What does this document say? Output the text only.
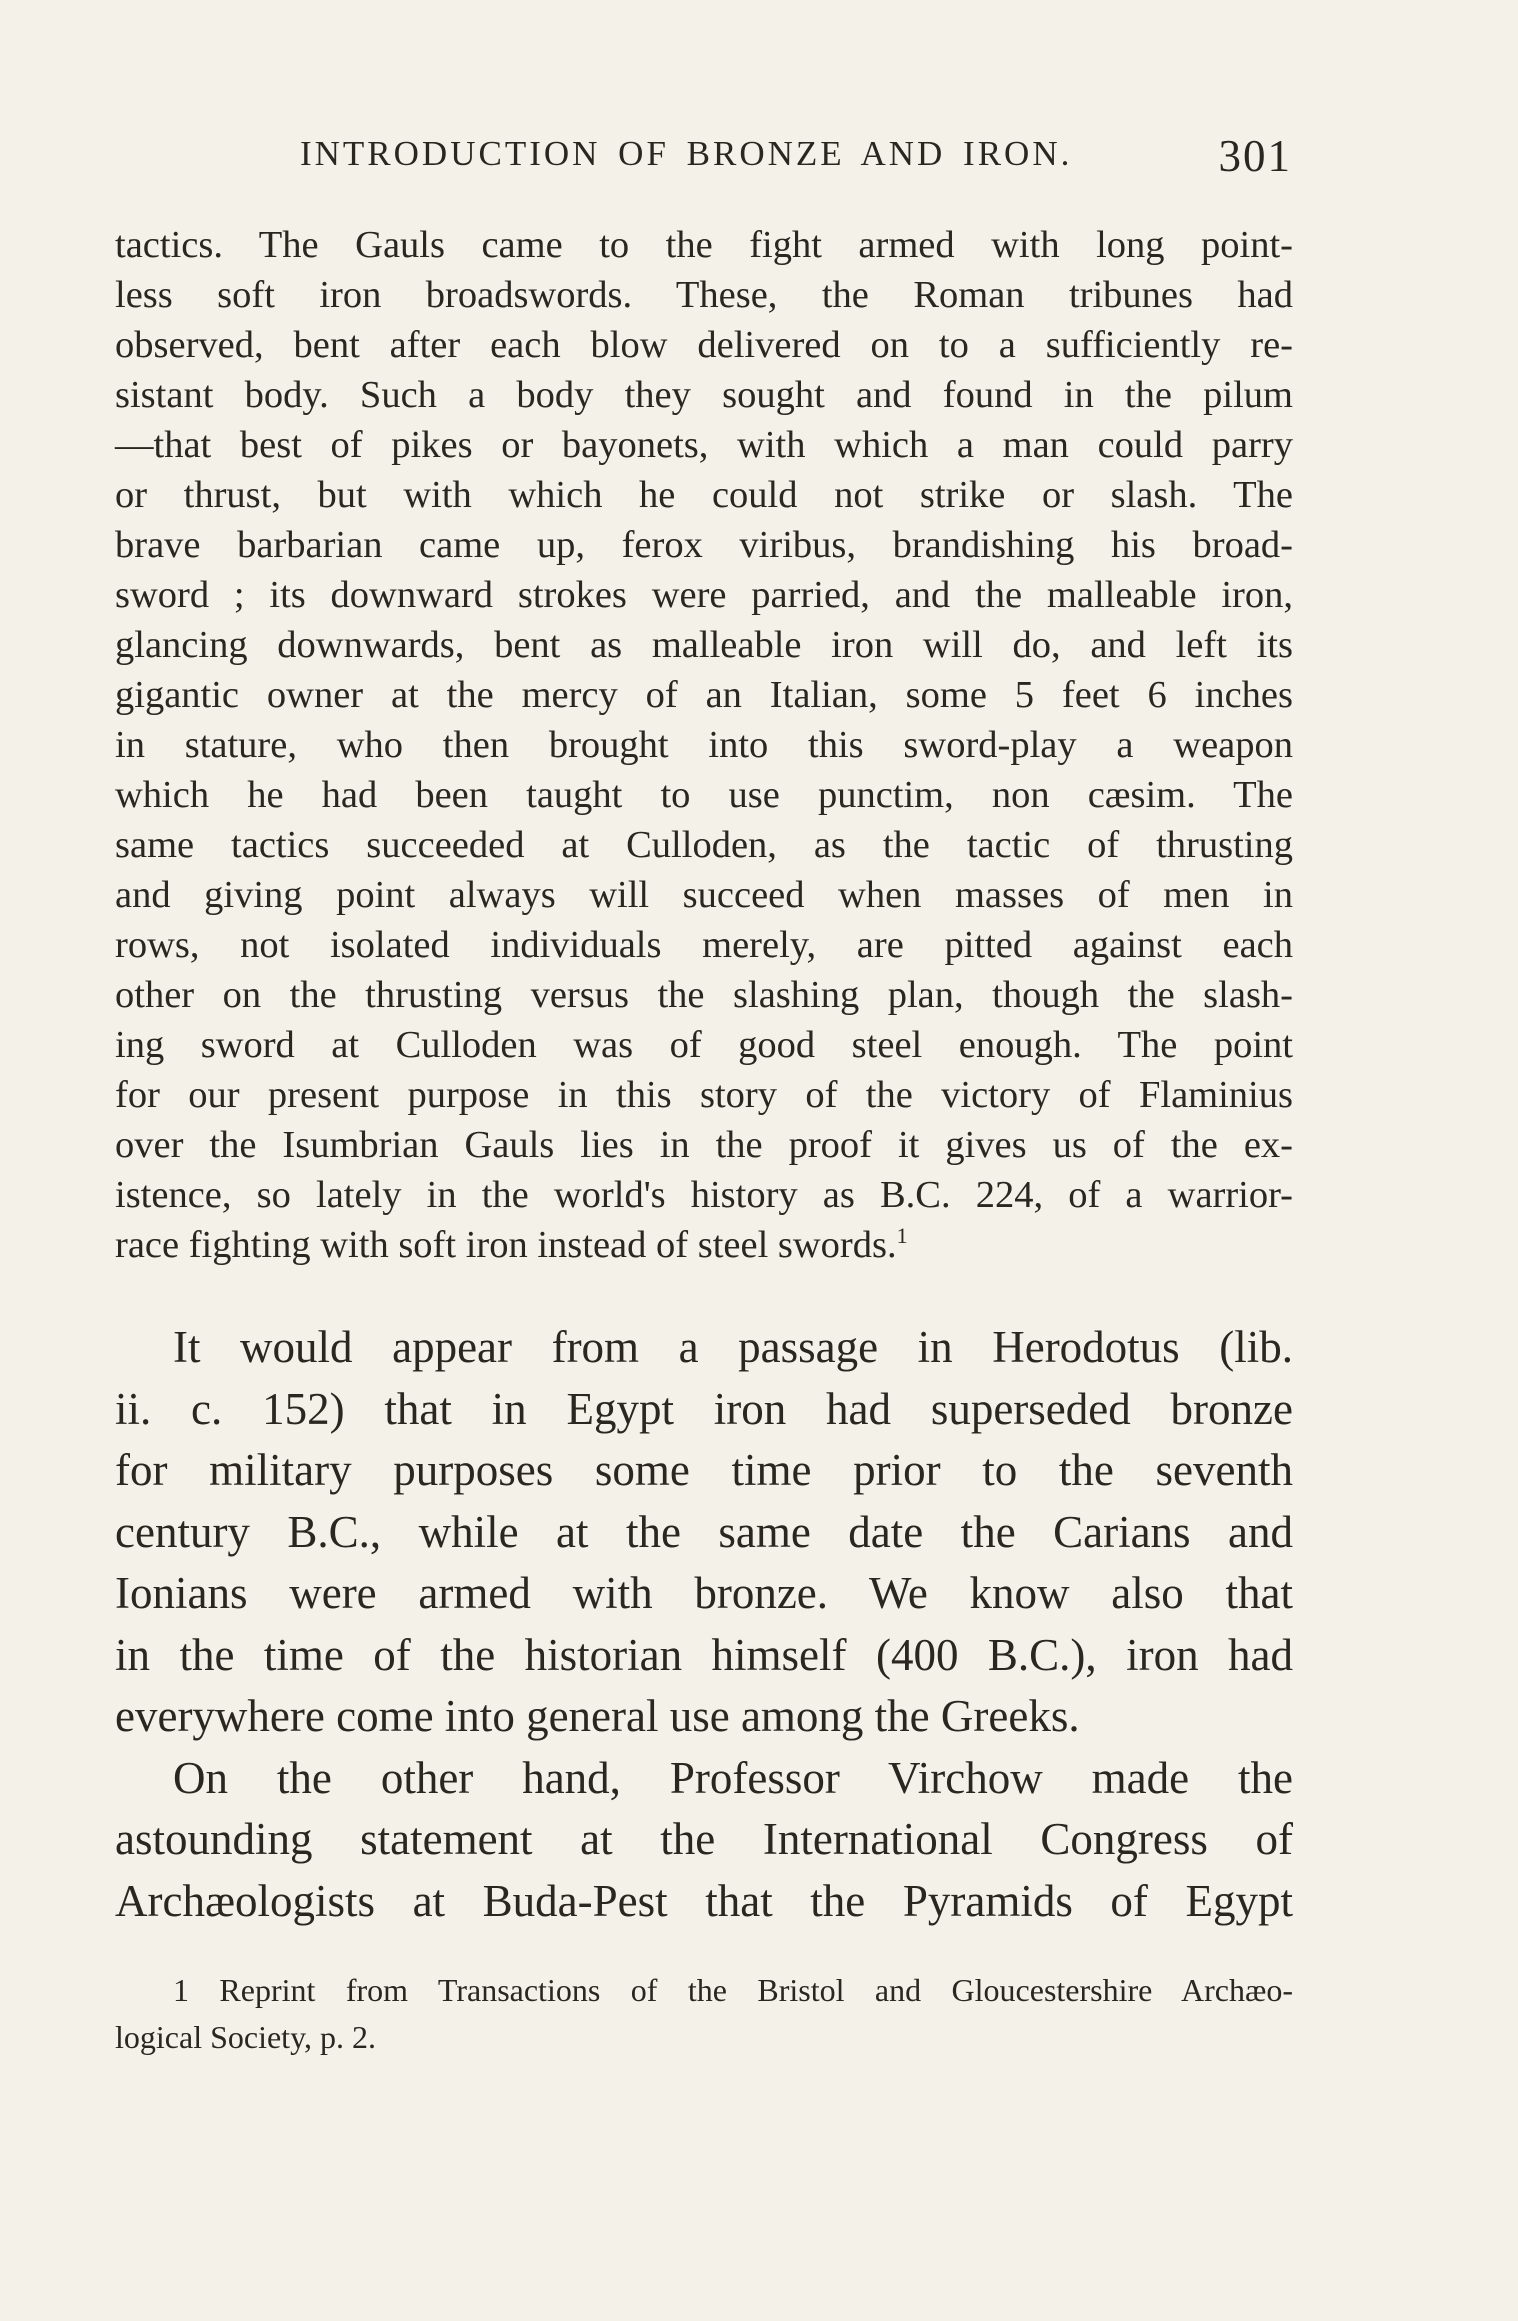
INTRODUCTION OF BRONZE AND IRON.	301
tactics. The Gauls came to the fight armed with long point-
less soft iron broadswords. These, the Roman tribunes had
observed, bent after each blow delivered on to a sufficiently re-
sistant body. Such a body they sought and found in the pilum
—that best of pikes or bayonets, with which a man could parry
or thrust, but with which he could not strike or slash. The
brave barbarian came up, ferox viribus, brandishing his broad-
sword ; its downward strokes were parried, and the malleable iron,
glancing downwards, bent as malleable iron will do, and left its
gigantic owner at the mercy of an Italian, some 5 feet 6 inches
in stature, who then brought into this sword-play a weapon
which he had been taught to use punctim, non cæsim. The
same tactics succeeded at Culloden, as the tactic of thrusting
and giving point always will succeed when masses of men in
rows, not isolated individuals merely, are pitted against each
other on the thrusting versus the slashing plan, though the slash-
ing sword at Culloden was of good steel enough. The point
for our present purpose in this story of the victory of Flaminius
over the Isumbrian Gauls lies in the proof it gives us of the ex-
istence, so lately in the world's history as B.C. 224, of a warrior-
race fighting with soft iron instead of steel swords.$^1$
It would appear from a passage in Herodotus (lib.
ii. c. 152) that in Egypt iron had superseded bronze
for military purposes some time prior to the seventh
century B.C., while at the same date the Carians and
Ionians were armed with bronze. We know also that
in the time of the historian himself (400 B.C.), iron had
everywhere come into general use among the Greeks.
On the other hand, Professor Virchow made the
astounding statement at the International Congress of
Archæologists at Buda-Pest that the Pyramids of Egypt
1 Reprint from Transactions of the Bristol and Gloucestershire Archæo-
logical Society, p. 2.
